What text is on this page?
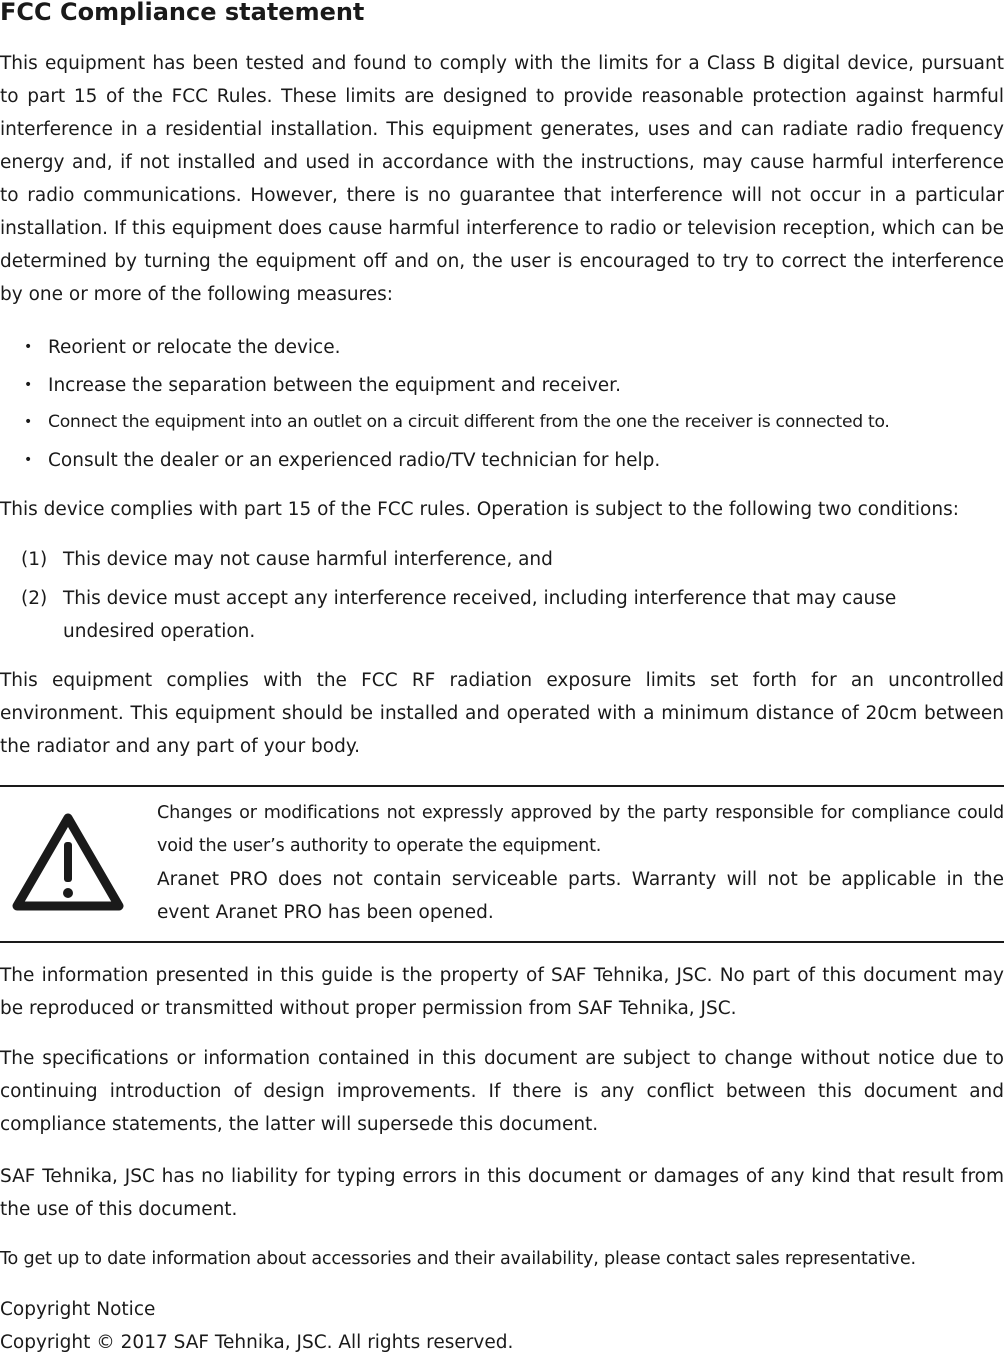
FCC Compliance statement

This equipment has been tested and found to comply with the limits for a Class B digital device, pursuant to part 15 of the FCC Rules. These limits are designed to provide reasonable protection against harmful interference in a residential installation. This equipment generates, uses and can radiate radio frequency energy and, if not installed and used in accordance with the instructions, may cause harmful interference to radio communications. However, there is no guarantee that interference will not occur in a particular installation. If this equipment does cause harmful interference to radio or television reception, which can be determined by turning the equipment off and on, the user is encouraged to try to correct the interference by one or more of the following measures:

• Reorient or relocate the device.
• Increase the separation between the equipment and receiver.
• Connect the equipment into an outlet on a circuit different from the one the receiver is connected to.
• Consult the dealer or an experienced radio/TV technician for help.

This device complies with part 15 of the FCC rules. Operation is subject to the following two conditions:

(1) This device may not cause harmful interference, and
(2) This device must accept any interference received, including interference that may cause undesired operation.

This equipment complies with the FCC RF radiation exposure limits set forth for an uncontrolled environment. This equipment should be installed and operated with a minimum distance of 20cm between the radiator and any part of your body.

Changes or modifications not expressly approved by the party responsible for compliance could void the user’s authority to operate the equipment.

Aranet PRO does not contain serviceable parts. Warranty will not be applicable in the event Aranet PRO has been opened.

The information presented in this guide is the property of SAF Tehnika, JSC. No part of this document may be reproduced or transmitted without proper permission from SAF Tehnika, JSC.

The specifications or information contained in this document are subject to change without notice due to continuing introduction of design improvements. If there is any conflict between this document and compliance statements, the latter will supersede this document.

SAF Tehnika, JSC has no liability for typing errors in this document or damages of any kind that result from the use of this document.

To get up to date information about accessories and their availability, please contact sales representative.

Copyright Notice

Copyright © 2017 SAF Tehnika, JSC. All rights reserved.
